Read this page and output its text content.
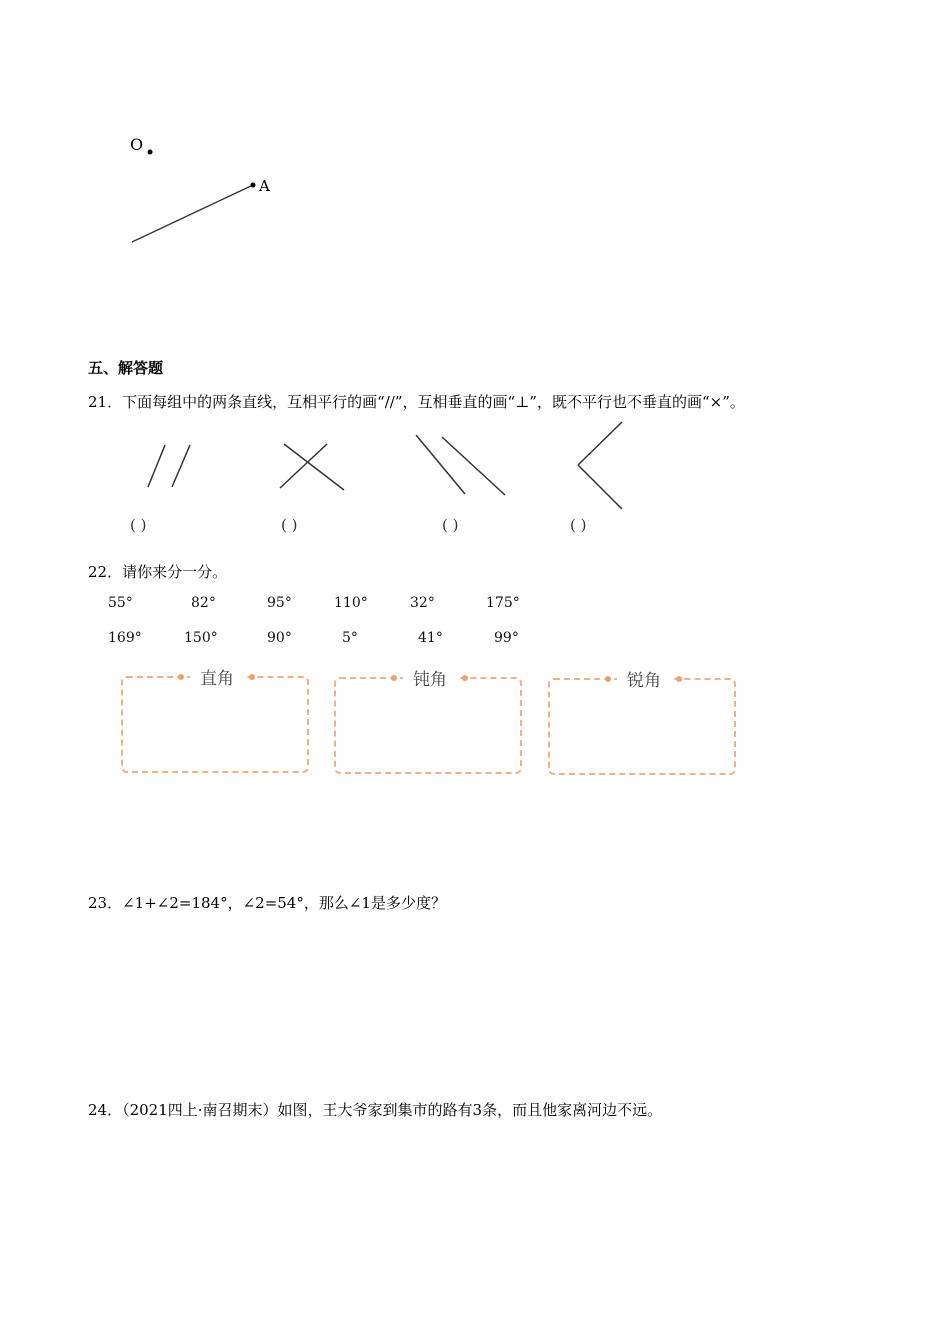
O
A
五、解答题
21．下面每组中的两条直线，互相平行的画“//”，互相垂直的画“⊥”，既不平行也不垂直的画“×”。
( )	( )	( )	( )
22．请你来分一分。
55°	82°	95°	110°	32°	175°
169°	150°	90°	5°	41°	99°
直角	钝角	锐角
23．∠1+∠2=184°，∠2=54°，那么∠1是多少度？
24．（2021四上·南召期末）如图，王大爷家到集市的路有3条，而且他家离河边不远。
